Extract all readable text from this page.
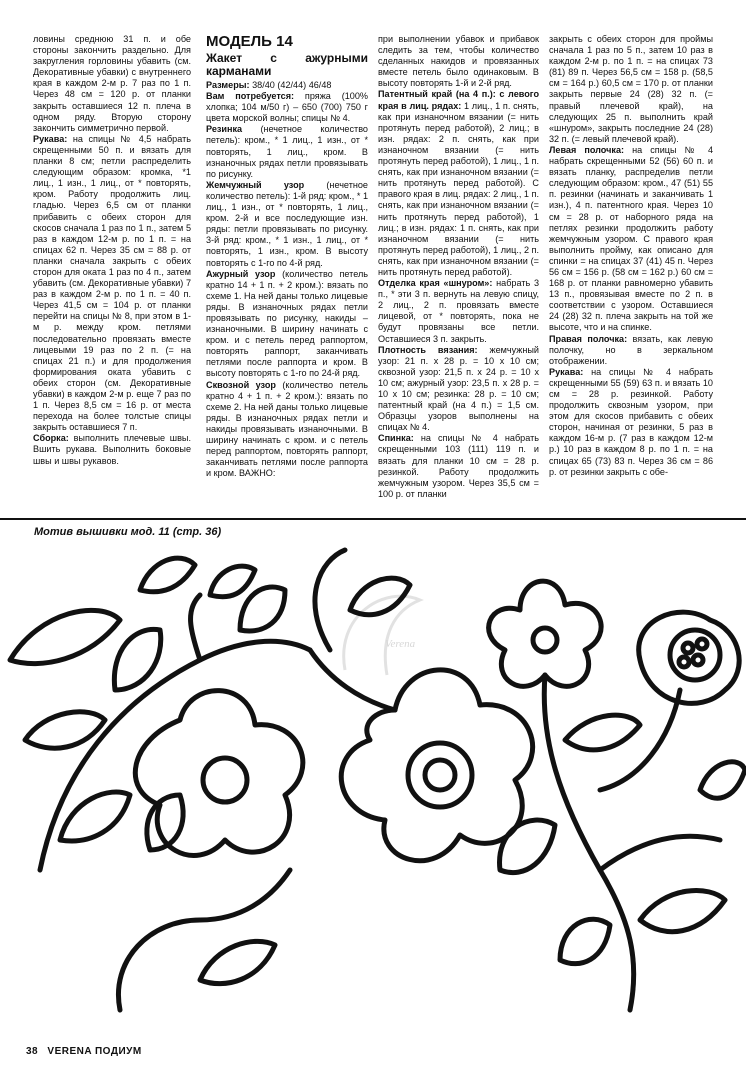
ловины среднюю 31 п. и обе стороны закончить раздельно. Для закругления горловины убавить (см. Декоративные убавки) с внутреннего края в каждом 2-м р. 7 раз по 1 п. Через 48 см = 120 р. от планки закрыть оставшиеся 12 п. плеча в одном ряду. Вторую сторону закончить симметрично первой.

Рукава: на спицы № 4,5 набрать скрещенными 50 п. и вязать для планки 8 см; петли распределить следующим образом: кромка, *1 лиц., 1 изн., 1 лиц., от * повторять, кром. Работу продолжить лиц. гладью. Через 6,5 см от планки прибавить с обеих сторон для скосов сначала 1 раз по 1 п., затем 5 раз в каждом 12-м р. по 1 п. = на спицах 62 п. Через 35 см = 88 р. от планки сначала закрыть с обеих сторон для оката 1 раз по 4 п., затем убавить (см. Декоративные убавки) 7 раз в каждом 2-м р. по 1 п. = 40 п. Через 41,5 см = 104 р. от планки перейти на спицы № 8, при этом в 1-м р. между кром. петлями последовательно провязать вместе лицевыми 19 раз по 2 п. (= на спицах 21 п.) и для продолжения формирования оката убавить с обеих сторон (см. Декоративные убавки) в каждом 2-м р. еще 7 раз по 1 п. Через 8,5 см = 16 р. от места перехода на более толстые спицы закрыть оставшиеся 7 п.

Сборка: выполнить плечевые швы. Вшить рукава. Выполнить боковые швы и швы рукавов.

МОДЕЛЬ 14
Жакет с ажурными карманами

Размеры: 38/40 (42/44) 46/48

Вам потребуется: пряжа (100% хлопка; 104 м/50 г) – 650 (700) 750 г цвета морской волны; спицы № 4.

Резинка (нечетное количество петель): кром., * 1 лиц., 1 изн., от * повторять, 1 лиц., кром. В изнаночных рядах петли провязывать по рисунку.

Жемчужный узор (нечетное количество петель): 1-й ряд: кром., * 1 лиц., 1 изн., от * повторять, 1 лиц., кром. 2-й и все последующие изн. ряды: петли провязывать по рисунку. 3-й ряд: кром., * 1 изн., 1 лиц., от * повторять, 1 изн., кром. В высоту повторять с 1-го по 4-й ряд.

Ажурный узор (количество петель кратно 14 + 1 п. + 2 кром.): вязать по схеме 1. На ней даны только лицевые ряды. В изнаночных рядах петли провязывать по рисунку, накиды – изнаночными. В ширину начинать с кром. и с петель перед раппортом, повторять раппорт, заканчивать петлями после раппорта и кром. В высоту повторять с 1-го по 24-й ряд.

Сквозной узор (количество петель кратно 4 + 1 п. + 2 кром.): вязать по схеме 2. На ней даны только лицевые ряды. В изнаночных рядах петли и накиды провязывать изнаночными. В ширину начинать с кром. и с петель перед раппортом, повторять раппорт, заканчивать петлями после раппорта и кром. ВАЖНО:

при выполнении убавок и прибавок следить за тем, чтобы количество сделанных накидов и провязанных вместе петель было одинаковым. В высоту повторять 1-й и 2-й ряд.

Патентный край (на 4 п.): с левого края в лиц. рядах: 1 лиц., 1 п. снять, как при изнаночном вязании (= нить протянуть перед работой), 2 лиц.; в изн. рядах: 2 п. снять, как при изнаночном вязании (= нить протянуть перед работой), 1 лиц., 1 п. снять, как при изнаночном вязании (= нить протянуть перед работой). С правого края в лиц. рядах: 2 лиц., 1 п. снять, как при изнаночном вязании (= нить протянуть перед работой), 1 лиц.; в изн. рядах: 1 п. снять, как при изнаночном вязании (= нить протянуть перед работой), 1 лиц., 2 п. снять, как при изнаночном вязании (= нить протянуть перед работой).

Отделка края «шнуром»: набрать 3 п., * эти 3 п. вернуть на левую спицу, 2 лиц., 2 п. провязать вместе лицевой, от * повторять, пока не будут провязаны все петли. Оставшиеся 3 п. закрыть.

Плотность вязания: жемчужный узор: 21 п. х 28 р. = 10 х 10 см; сквозной узор: 21,5 п. х 24 р. = 10 х 10 см; ажурный узор: 23,5 п. х 28 р. = 10 х 10 см; резинка: 28 р. = 10 см; патентный край (на 4 п.) = 1,5 см. Образцы узоров выполнены на спицах № 4.

Спинка: на спицы № 4 набрать скрещенными 103 (111) 119 п. и вязать для планки 10 см = 28 р. резинкой. Работу продолжить жемчужным узором. Через 35,5 см = 100 р. от планки

закрыть с обеих сторон для проймы сначала 1 раз по 5 п., затем 10 раз в каждом 2-м р. по 1 п. = на спицах 73 (81) 89 п. Через 56,5 см = 158 р. (58,5 см = 164 р.) 60,5 см = 170 р. от планки закрыть первые 24 (28) 32 п. (= правый плечевой край), на следующих 25 п. выполнить край «шнуром», закрыть последние 24 (28) 32 п. (= левый плечевой край).

Левая полочка: на спицы № 4 набрать скрещенными 52 (56) 60 п. и вязать планку, распределив петли следующим образом: кром., 47 (51) 55 п. резинки (начинать и заканчивать 1 изн.), 4 п. патентного края. Через 10 см = 28 р. от наборного ряда на петлях резинки продолжить работу жемчужным узором. С правого края выполнить пройму, как описано для спинки = на спицах 37 (41) 45 п. Через 56 см = 156 р. (58 см = 162 р.) 60 см = 168 р. от планки равномерно убавить 13 п., провязывая вместе по 2 п. в соответствии с узором. Оставшиеся 24 (28) 32 п. плеча закрыть на той же высоте, что и на спинке.

Правая полочка: вязать, как левую полочку, но в зеркальном отображении.

Рукава: на спицы № 4 набрать скрещенными 55 (59) 63 п. и вязать 10 см = 28 р. резинкой. Работу продолжить сквозным узором, при этом для скосов прибавить с обеих сторон, начиная от резинки, 5 раз в каждом 16-м р. (7 раз в каждом 12-м р.) 10 раз в каждом 8 р. по 1 п. = на спицах 65 (73) 83 п. Через 36 см = 86 р. от резинки закрыть с обе-

Мотив вышивки мод. 11 (стр. 36)
Verena
38 VERENA ПОДИУМ
